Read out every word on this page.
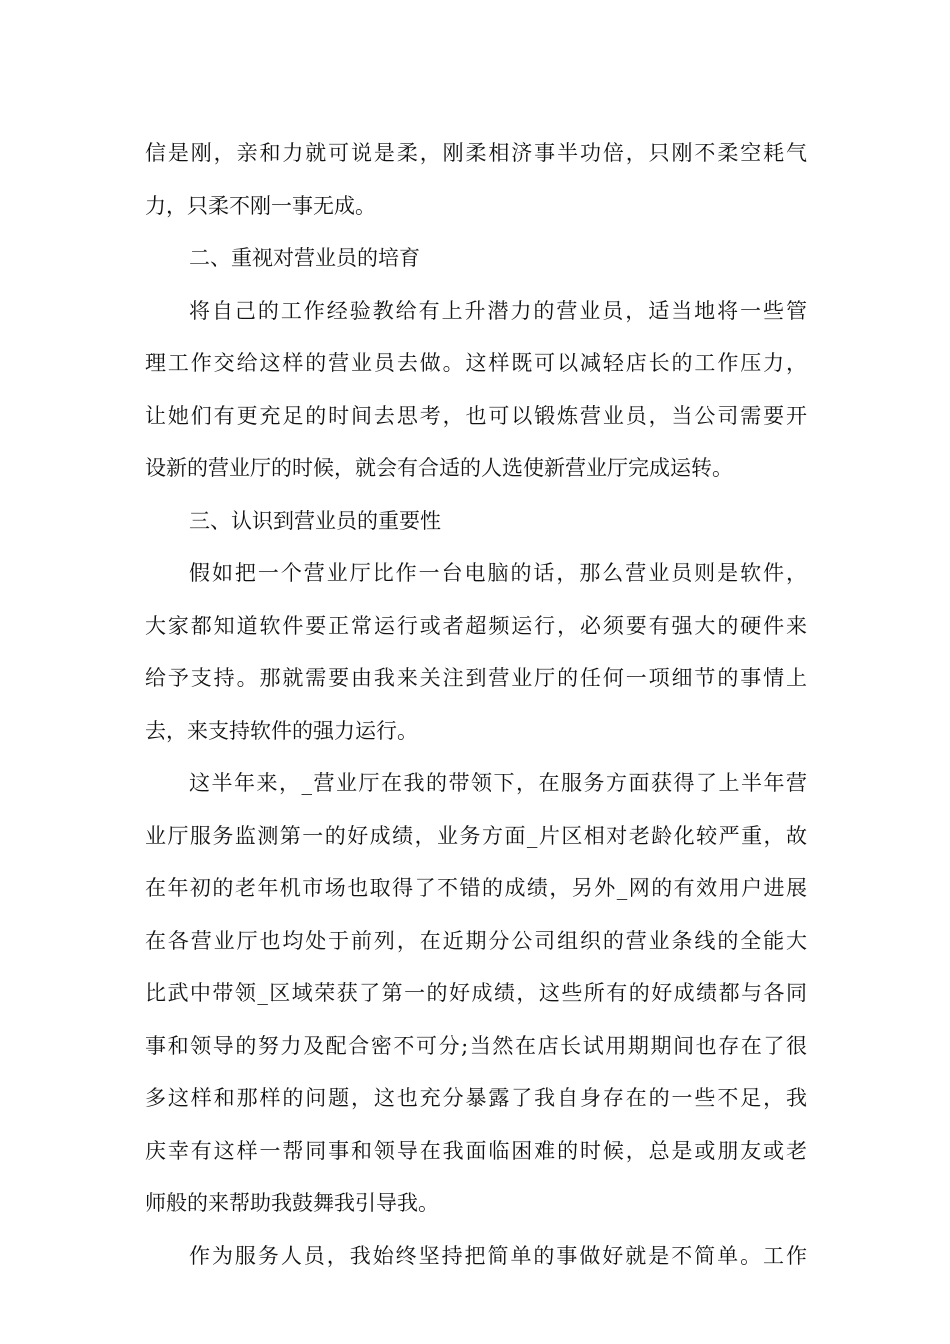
信是刚，亲和力就可说是柔，刚柔相济事半功倍，只刚不柔空耗气
力，只柔不刚一事无成。
二、重视对营业员的培育
将自己的工作经验教给有上升潜力的营业员，适当地将一些管
理工作交给这样的营业员去做。这样既可以减轻店长的工作压力，
让她们有更充足的时间去思考，也可以锻炼营业员，当公司需要开
设新的营业厅的时候，就会有合适的人选使新营业厅完成运转。
三、认识到营业员的重要性
假如把一个营业厅比作一台电脑的话，那么营业员则是软件，
大家都知道软件要正常运行或者超频运行，必须要有强大的硬件来
给予支持。那就需要由我来关注到营业厅的任何一项细节的事情上
去，来支持软件的强力运行。
这半年来，_营业厅在我的带领下，在服务方面获得了上半年营
业厅服务监测第一的好成绩，业务方面_片区相对老龄化较严重，故
在年初的老年机市场也取得了不错的成绩，另外_网的有效用户进展
在各营业厅也均处于前列，在近期分公司组织的营业条线的全能大
比武中带领_区域荣获了第一的好成绩，这些所有的好成绩都与各同
事和领导的努力及配合密不可分;当然在店长试用期期间也存在了很
多这样和那样的问题，这也充分暴露了我自身存在的一些不足，我
庆幸有这样一帮同事和领导在我面临困难的时候，总是或朋友或老
师般的来帮助我鼓舞我引导我。
作为服务人员，我始终坚持把简单的事做好就是不简单。工作
